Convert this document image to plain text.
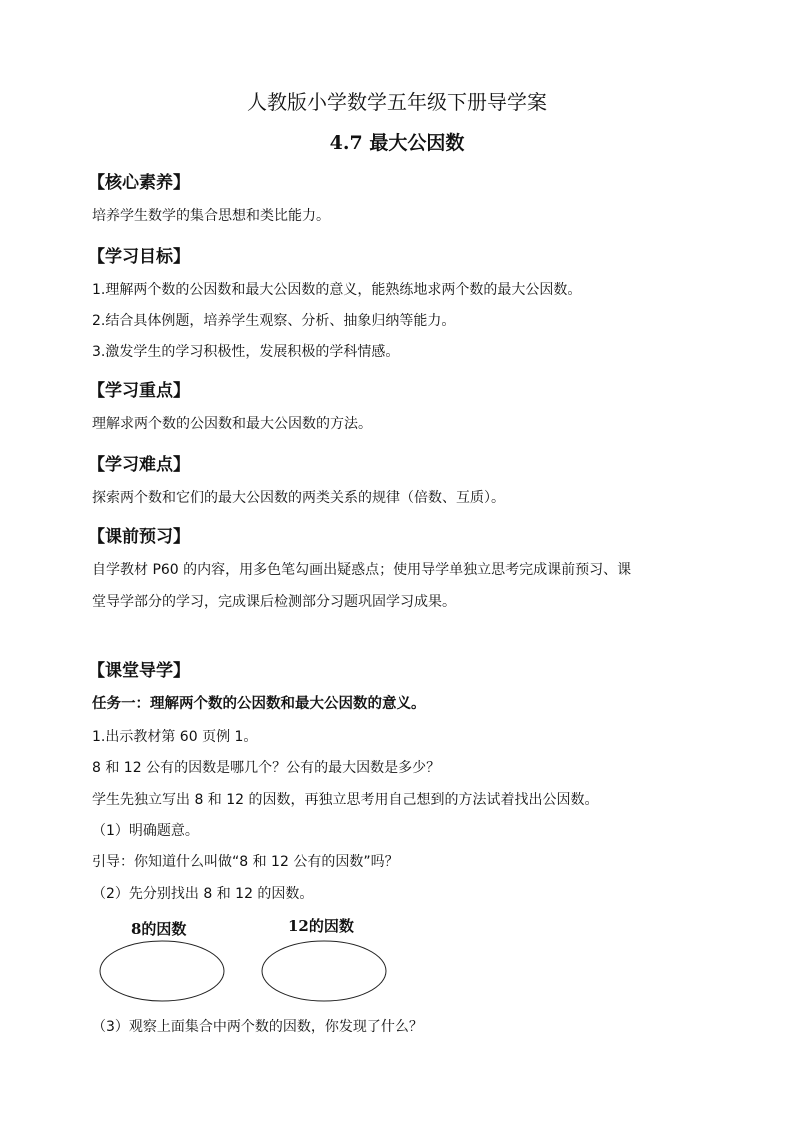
人教版小学数学五年级下册导学案
4.7 最大公因数
【核心素养】
培养学生数学的集合思想和类比能力。
【学习目标】
1.理解两个数的公因数和最大公因数的意义，能熟练地求两个数的最大公因数。
2.结合具体例题，培养学生观察、分析、抽象归纳等能力。
3.激发学生的学习积极性，发展积极的学科情感。
【学习重点】
理解求两个数的公因数和最大公因数的方法。
【学习难点】
探索两个数和它们的最大公因数的两类关系的规律（倍数、互质）。
【课前预习】
自学教材 P60 的内容，用多色笔勾画出疑惑点；使用导学单独立思考完成课前预习、课
堂导学部分的学习，完成课后检测部分习题巩固学习成果。
【课堂导学】
任务一：理解两个数的公因数和最大公因数的意义。
1.出示教材第 60 页例 1。
8 和 12 公有的因数是哪几个？公有的最大因数是多少？
学生先独立写出 8 和 12 的因数，再独立思考用自己想到的方法试着找出公因数。
（1）明确题意。
引导：你知道什么叫做“8 和 12 公有的因数”吗？
（2）先分别找出 8 和 12 的因数。
8的因数	12的因数
（3）观察上面集合中两个数的因数，你发现了什么？
